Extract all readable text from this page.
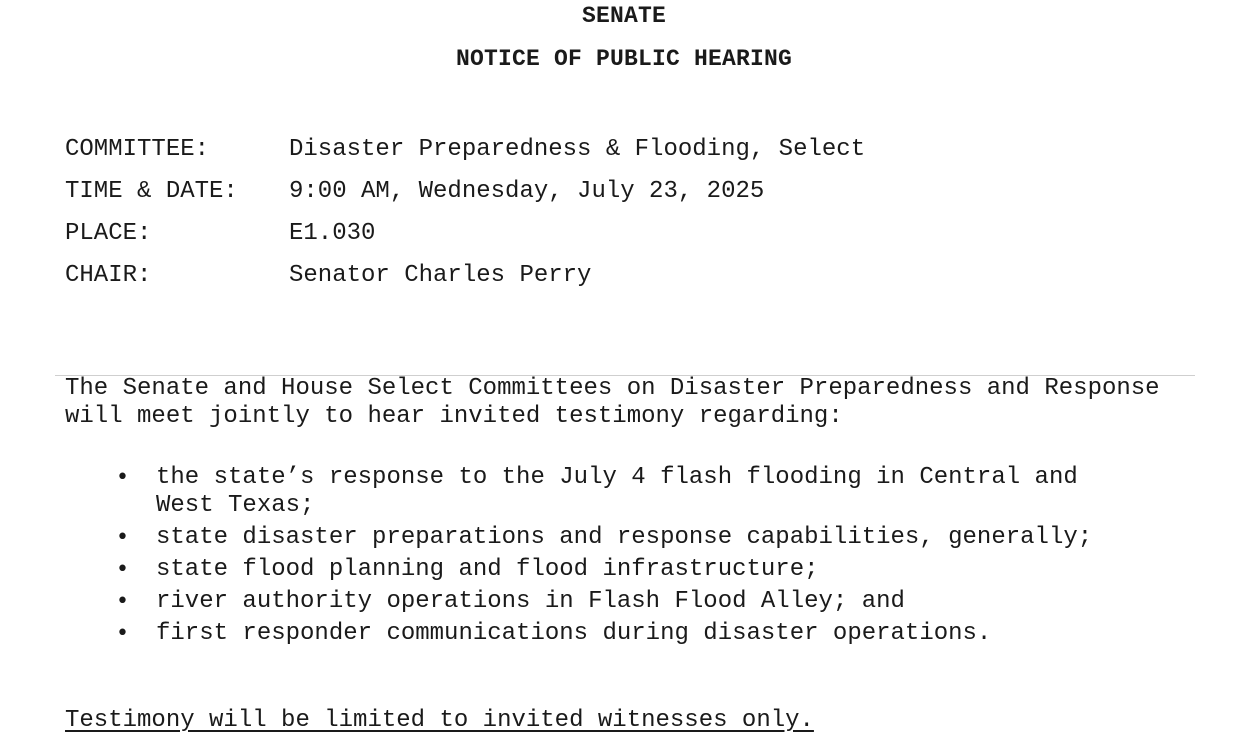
SENATE
NOTICE OF PUBLIC HEARING
COMMITTEE:	Disaster Preparedness & Flooding, Select
TIME & DATE:	9:00 AM, Wednesday, July 23, 2025
PLACE:	E1.030
CHAIR:	Senator Charles Perry
The Senate and House Select Committees on Disaster Preparedness and Response will meet jointly to hear invited testimony regarding:
• the state’s response to the July 4 flash flooding in Central and West Texas;
• state disaster preparations and response capabilities, generally;
• state flood planning and flood infrastructure;
• river authority operations in Flash Flood Alley; and
• first responder communications during disaster operations.
Testimony will be limited to invited witnesses only.
